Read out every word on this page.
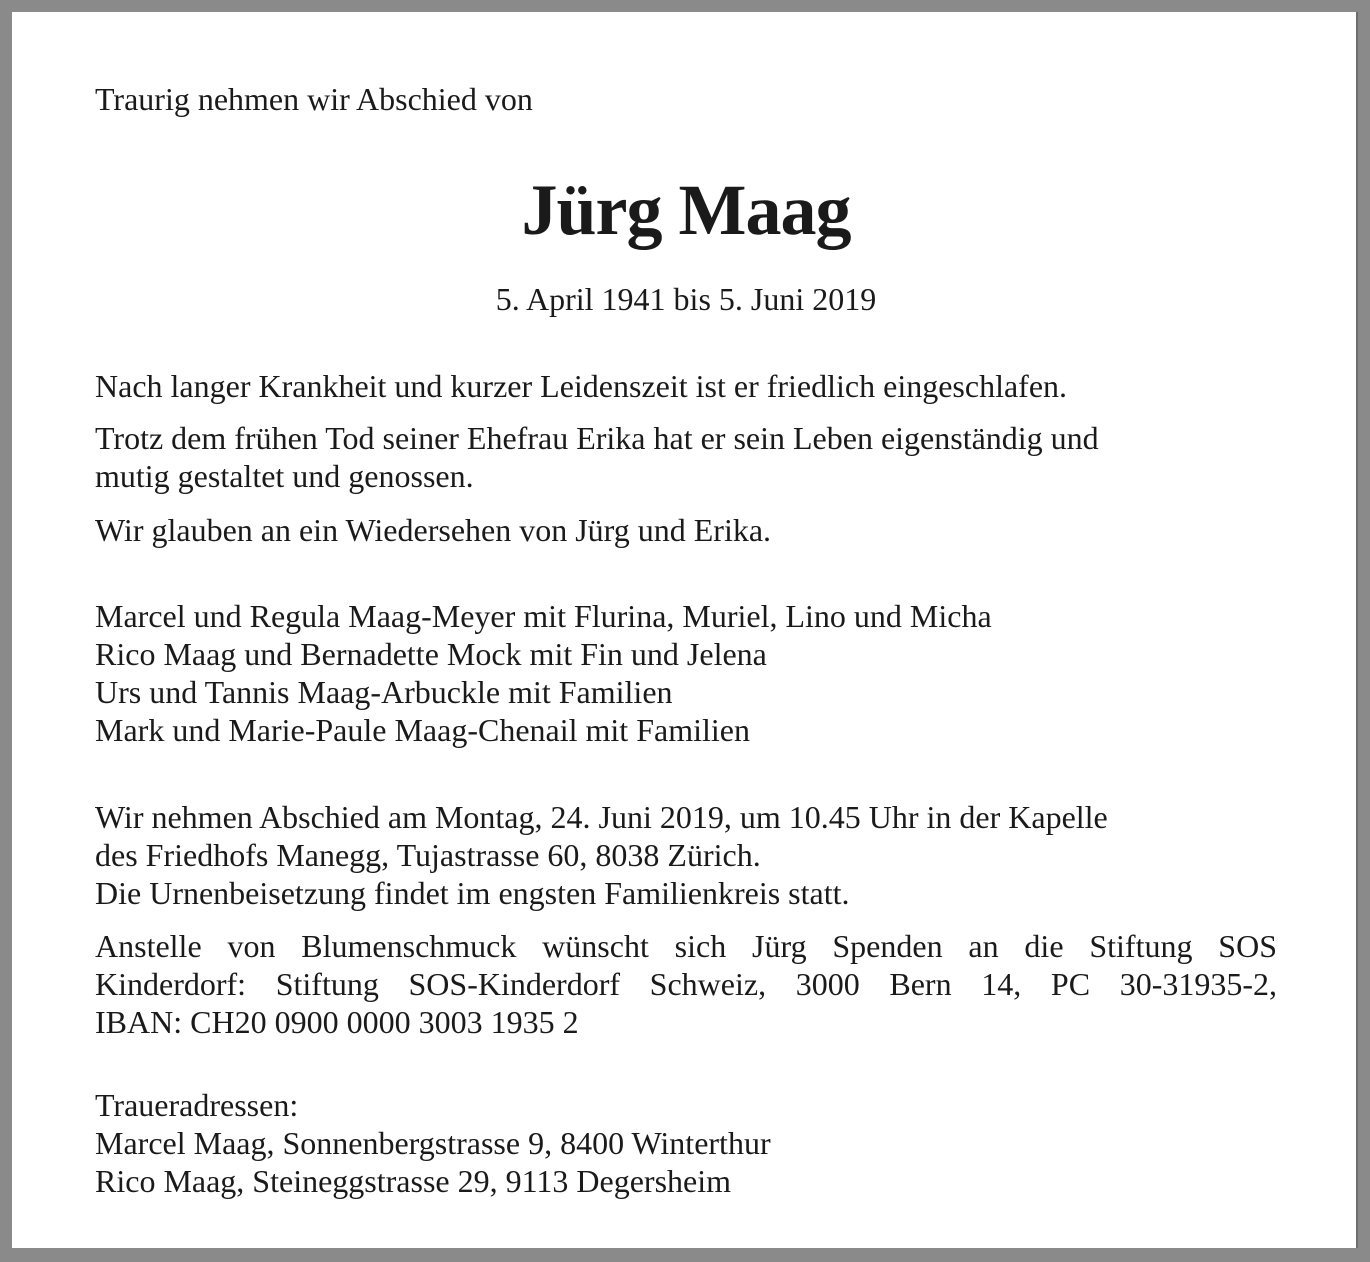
Traurig nehmen wir Abschied von
Jürg Maag
5. April 1941 bis 5. Juni 2019
Nach langer Krankheit und kurzer Leidenszeit ist er friedlich eingeschlafen.
Trotz dem frühen Tod seiner Ehefrau Erika hat er sein Leben eigenständig und
mutig gestaltet und genossen.
Wir glauben an ein Wiedersehen von Jürg und Erika.
Marcel und Regula Maag-Meyer mit Flurina, Muriel, Lino und Micha
Rico Maag und Bernadette Mock mit Fin und Jelena
Urs und Tannis Maag-Arbuckle mit Familien
Mark und Marie-Paule Maag-Chenail mit Familien
Wir nehmen Abschied am Montag, 24. Juni 2019, um 10.45 Uhr in der Kapelle
des Friedhofs Manegg, Tujastrasse 60, 8038 Zürich.
Die Urnenbeisetzung findet im engsten Familienkreis statt.
Anstelle von Blumenschmuck wünscht sich Jürg Spenden an die Stiftung SOS
Kinderdorf: Stiftung SOS-Kinderdorf Schweiz, 3000 Bern 14, PC 30-31935-2,
IBAN: CH20 0900 0000 3003 1935 2
Traueradressen:
Marcel Maag, Sonnenbergstrasse 9, 8400 Winterthur
Rico Maag, Steineggstrasse 29, 9113 Degersheim
